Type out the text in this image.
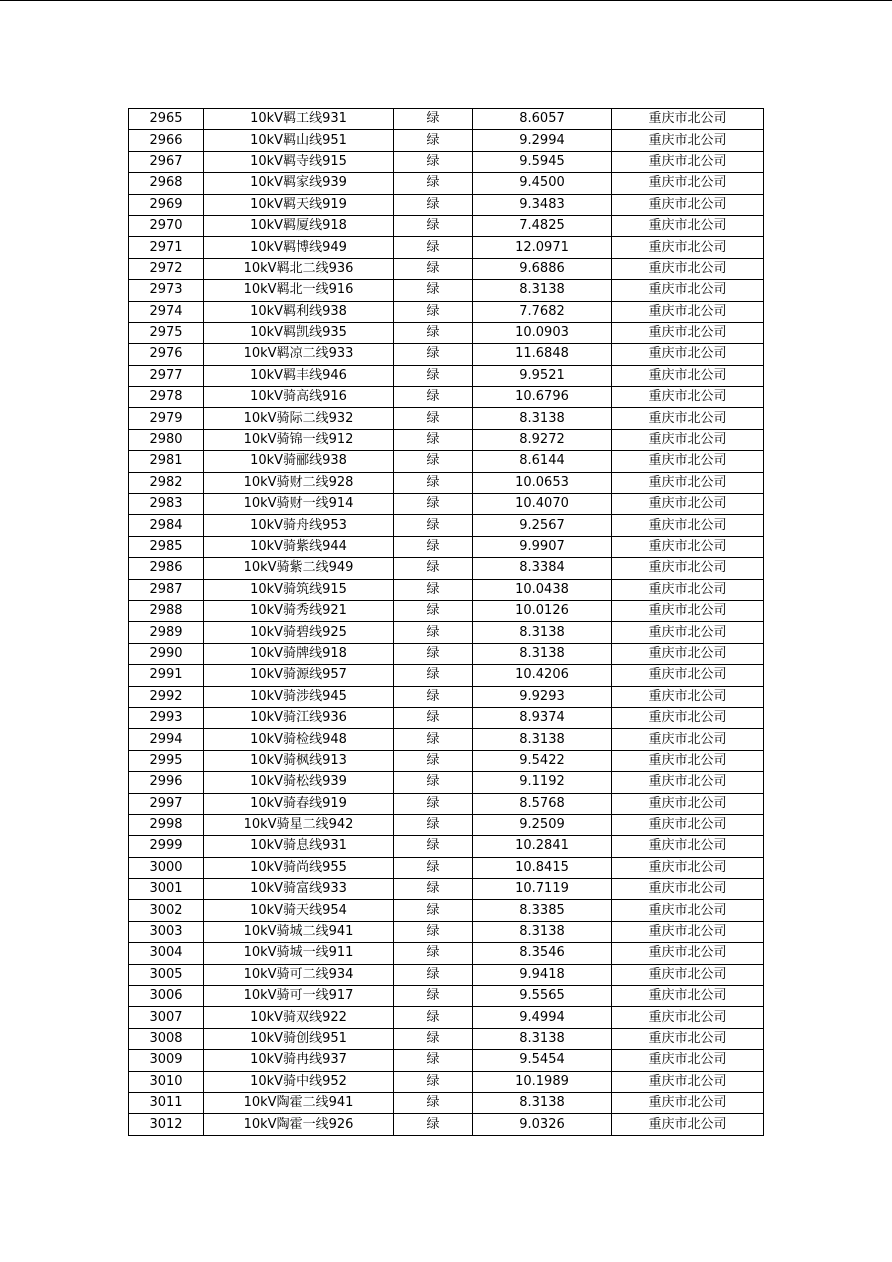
2965	10kV羁工线931	绿	8.6057	重庆市北公司
2966	10kV羁山线951	绿	9.2994	重庆市北公司
2967	10kV羁寺线915	绿	9.5945	重庆市北公司
2968	10kV羁家线939	绿	9.4500	重庆市北公司
2969	10kV羁天线919	绿	9.3483	重庆市北公司
2970	10kV羁厦线918	绿	7.4825	重庆市北公司
2971	10kV羁博线949	绿	12.0971	重庆市北公司
2972	10kV羁北二线936	绿	9.6886	重庆市北公司
2973	10kV羁北一线916	绿	8.3138	重庆市北公司
2974	10kV羁利线938	绿	7.7682	重庆市北公司
2975	10kV羁凯线935	绿	10.0903	重庆市北公司
2976	10kV羁凉二线933	绿	11.6848	重庆市北公司
2977	10kV羁丰线946	绿	9.9521	重庆市北公司
2978	10kV骑高线916	绿	10.6796	重庆市北公司
2979	10kV骑际二线932	绿	8.3138	重庆市北公司
2980	10kV骑锦一线912	绿	8.9272	重庆市北公司
2981	10kV骑郦线938	绿	8.6144	重庆市北公司
2982	10kV骑财二线928	绿	10.0653	重庆市北公司
2983	10kV骑财一线914	绿	10.4070	重庆市北公司
2984	10kV骑舟线953	绿	9.2567	重庆市北公司
2985	10kV骑紫线944	绿	9.9907	重庆市北公司
2986	10kV骑紫二线949	绿	8.3384	重庆市北公司
2987	10kV骑筑线915	绿	10.0438	重庆市北公司
2988	10kV骑秀线921	绿	10.0126	重庆市北公司
2989	10kV骑碧线925	绿	8.3138	重庆市北公司
2990	10kV骑牌线918	绿	8.3138	重庆市北公司
2991	10kV骑源线957	绿	10.4206	重庆市北公司
2992	10kV骑涉线945	绿	9.9293	重庆市北公司
2993	10kV骑江线936	绿	8.9374	重庆市北公司
2994	10kV骑检线948	绿	8.3138	重庆市北公司
2995	10kV骑枫线913	绿	9.5422	重庆市北公司
2996	10kV骑松线939	绿	9.1192	重庆市北公司
2997	10kV骑春线919	绿	8.5768	重庆市北公司
2998	10kV骑星二线942	绿	9.2509	重庆市北公司
2999	10kV骑息线931	绿	10.2841	重庆市北公司
3000	10kV骑尚线955	绿	10.8415	重庆市北公司
3001	10kV骑富线933	绿	10.7119	重庆市北公司
3002	10kV骑天线954	绿	8.3385	重庆市北公司
3003	10kV骑城二线941	绿	8.3138	重庆市北公司
3004	10kV骑城一线911	绿	8.3546	重庆市北公司
3005	10kV骑可二线934	绿	9.9418	重庆市北公司
3006	10kV骑可一线917	绿	9.5565	重庆市北公司
3007	10kV骑双线922	绿	9.4994	重庆市北公司
3008	10kV骑创线951	绿	8.3138	重庆市北公司
3009	10kV骑冉线937	绿	9.5454	重庆市北公司
3010	10kV骑中线952	绿	10.1989	重庆市北公司
3011	10kV陶霍二线941	绿	8.3138	重庆市北公司
3012	10kV陶霍一线926	绿	9.0326	重庆市北公司
